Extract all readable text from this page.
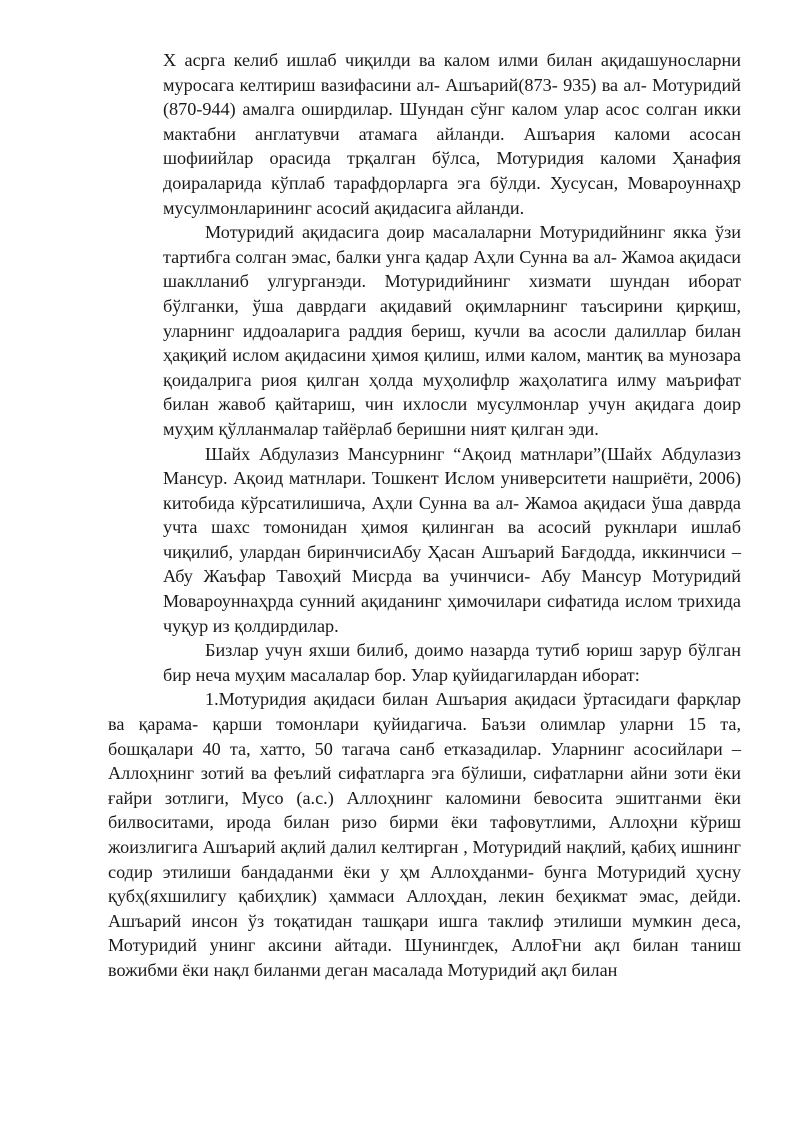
X асрга келиб ишлаб чиқилди ва калом илми билан ақидашуносларни муросага келтириш вазифасини ал- Ашъарий(873- 935) ва ал- Мотуридий (870-944) амалга оширдилар. Шундан сўнг калом улар асос солган икки мактабни англатувчи атамага айланди. Ашъария каломи асосан шофиийлар орасида трқалган бўлса, Мотуридия каломи Ҳанафия доираларида кўплаб тарафдорларга эга бўлди. Хусусан, Мовароуннаҳр мусулмонларининг асосий ақидасига айланди.

Мотуридий ақидасига доир масалаларни Мотуридийнинг якка ўзи тартибга солган эмас, балки унга қадар Аҳли Сунна ва ал- Жамоа ақидаси шаклланиб улгурганэди. Мотуридийнинг хизмати шундан иборат бўлганки, ўша даврдаги ақидавий оқимларнинг таъсирини қирқиш, уларнинг иддоаларига раддия бериш, кучли ва асосли далиллар билан ҳақиқий ислом ақидасини ҳимоя қилиш, илми калом, мантиқ ва мунозара қоидалрига риоя қилган ҳолда муҳолифлр жаҳолатига илму маърифат билан жавоб қайтариш, чин ихлосли мусулмонлар учун ақидага доир муҳим қўлланмалар тайёрлаб беришни ният қилган эди.

Шайх Абдулазиз Мансурнинг “Ақоид матнлари”(Шайх Абдулазиз Мансур. Ақоид матнлари. Тошкент Ислом университети нашриёти, 2006) китобида кўрсатилишича, Аҳли Сунна ва ал- Жамоа ақидаси ўша даврда учта шахс томонидан ҳимоя қилинган ва асосий рукнлари ишлаб чиқилиб, улардан биринчисиАбу Ҳасан Ашъарий Бағдодда, иккинчиси – Абу Жаъфар Тавоҳий Мисрда ва учинчиси- Абу Мансур Мотуридий Мовароуннаҳрда сунний ақиданинг ҳимочилари сифатида ислом трихида чуқур из қолдирдилар.

Бизлар учун яхши билиб, доимо назарда тутиб юриш зарур бўлган бир неча муҳим масалалар бор. Улар қуйидагилардан иборат:

1.Мотуридия ақидаси билан Ашъария ақидаси ўртасидаги фарқлар ва қарама- қарши томонлари қуйидагича. Баъзи олимлар уларни 15 та, бошқалари 40 та, хатто, 50 тагача санб етказадилар. Уларнинг асосийлари – Аллоҳнинг зотий ва феълий сифатларга эга бўлиши, сифатларни айни зоти ёки ғайри зотлиги, Мусо (а.с.) Аллоҳнинг каломини бевосита эшитганми ёки билвоситами, ирода билан ризо бирми ёки тафовутлими, Аллоҳни кўриш жоизлигига Ашъарий ақлий далил келтирган , Мотуридий нақлий, қабиҳ ишнинг содир этилиши бандаданми ёки у ҳм Аллоҳданми- бунга Мотуридий ҳусну қубҳ(яхшилигу қабиҳлик) ҳаммаси Аллоҳдан, лекин беҳикмат эмас, дейди. Ашъарий инсон ўз тоқатидан ташқари ишга таклиф этилиши мумкин деса, Мотуридий унинг аксини айтади. Шунингдек, АллоҒни ақл билан таниш вожибми ёки нақл биланми деган масалада Мотуридий ақл билан
